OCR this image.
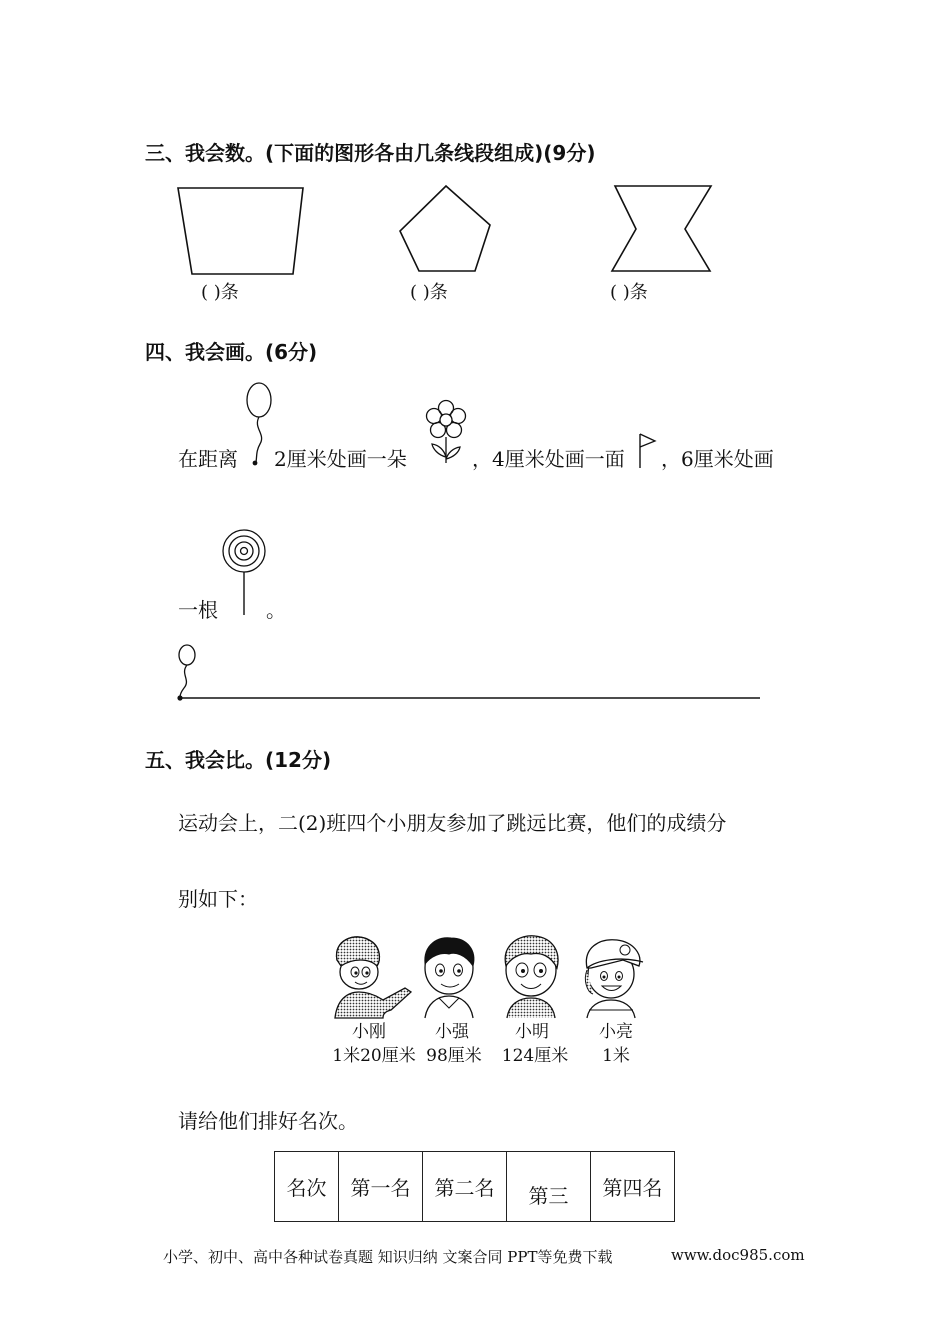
三、我会数。(下面的图形各由几条线段组成)(9分)
( )条	( )条	( )条
四、我会画。(6分)
在距离 2厘米处画一朵	，4厘米处画一面 ，6厘米处画
一根 。
五、我会比。(12分)
运动会上，二(2)班四个小朋友参加了跳远比赛，他们的成绩分
别如下：
小刚
1米20厘米
小强
98厘米
小明
124厘米
小亮
1米
请给他们排好名次。
名次	第一名	第二名	第三	第四名
小学、初中、高中各种试卷真题 知识归纳 文案合同 PPT等免费下载	www.doc985.com
